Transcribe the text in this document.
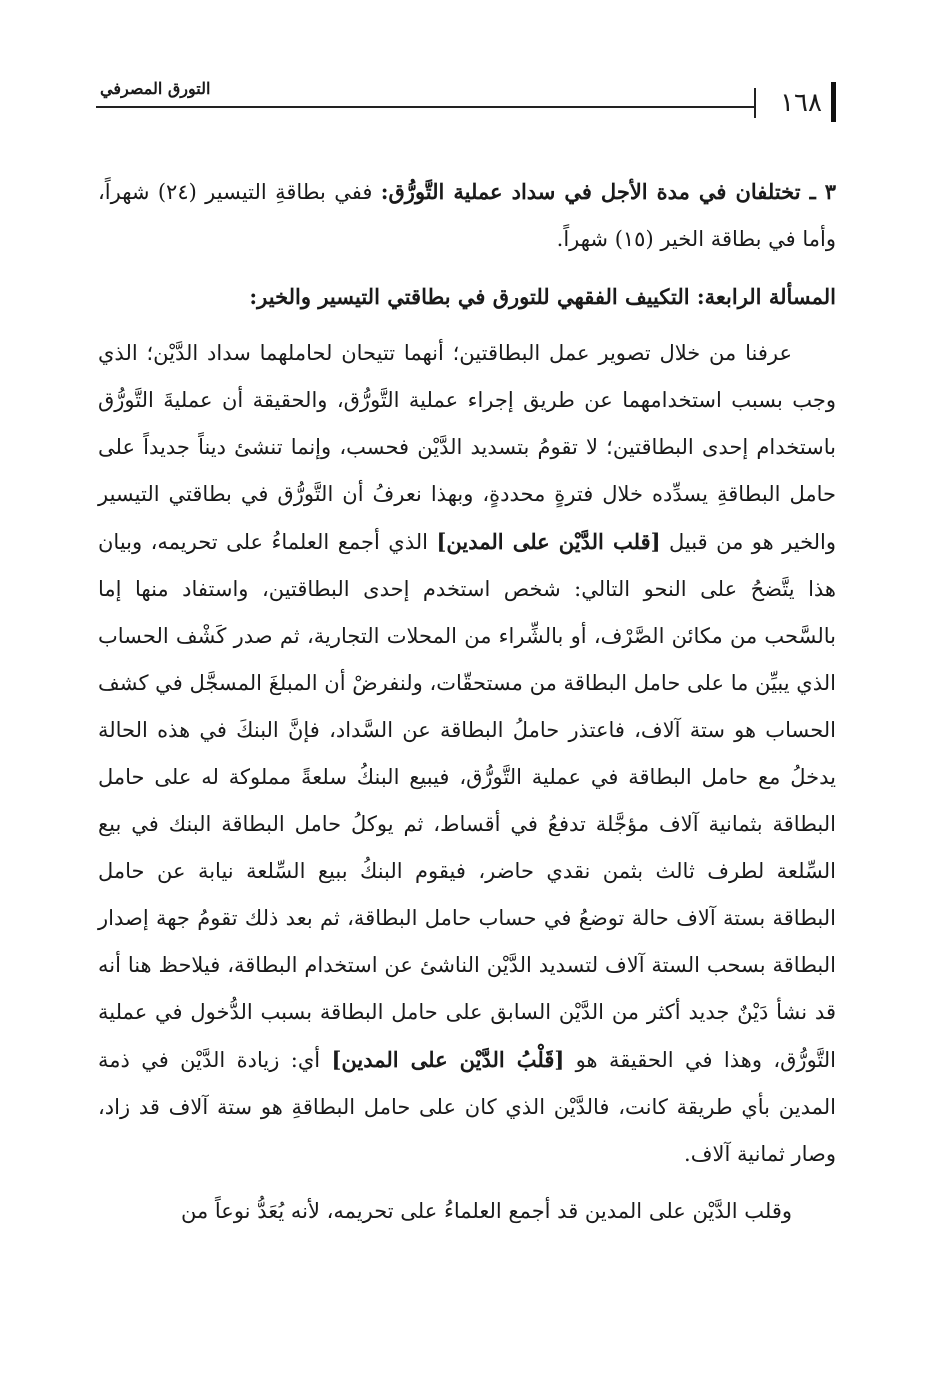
١٦٨
التورق المصرفي

٣ ـ تختلفان في مدة الأجل في سداد عملية التَّورُّق: ففي بطاقةِ التيسير (٢٤) شهراً، وأما في بطاقة الخير (١٥) شهراً.

المسألة الرابعة: التكييف الفقهي للتورق في بطاقتي التيسير والخير:

عرفنا من خلال تصوير عمل البطاقتين؛ أنهما تتيحان لحاملهما سداد الدَّيْن؛ الذي وجب بسبب استخدامهما عن طريق إجراء عملية التَّورُّق، والحقيقة أن عمليةَ التَّورُّق باستخدام إحدى البطاقتين؛ لا تقومُ بتسديد الدَّيْن فحسب، وإنما تنشئ ديناً جديداً على حامل البطاقةِ يسدِّده خلال فترةٍ محددةٍ، وبهذا نعرفُ أن التَّورُّق في بطاقتي التيسير والخير هو من قبيل [قلب الدَّيْن على المدين] الذي أجمع العلماءُ على تحريمه، وبيان هذا يتَّضحُ على النحو التالي: شخص استخدم إحدى البطاقتين، واستفاد منها إما بالسَّحب من مكائن الصَّرْف، أو بالشِّراء من المحلات التجارية، ثم صدر كَشْف الحساب الذي يبيِّن ما على حامل البطاقة من مستحقّات، ولنفرضْ أن المبلغَ المسجَّل في كشف الحساب هو ستة آلاف، فاعتذر حاملُ البطاقة عن السَّداد، فإنَّ البنكَ في هذه الحالة يدخلُ مع حامل البطاقة في عملية التَّورُّق، فيبيع البنكُ سلعةً مملوكة له على حامل البطاقة بثمانية آلاف مؤجَّلة تدفعُ في أقساط، ثم يوكلُ حامل البطاقة البنك في بيع السِّلعة لطرف ثالث بثمن نقدي حاضر، فيقوم البنكُ ببيع السِّلعة نيابة عن حامل البطاقة بستة آلاف حالة توضعُ في حساب حامل البطاقة، ثم بعد ذلك تقومُ جهة إصدار البطاقة بسحب الستة آلاف لتسديد الدَّيْن الناشئ عن استخدام البطاقة، فيلاحظ هنا أنه قد نشأ دَيْنٌ جديد أكثر من الدَّيْن السابق على حامل البطاقة بسبب الدُّخول في عملية التَّورُّق، وهذا في الحقيقة هو [قَلْبُ الدَّيْن على المدين] أي: زيادة الدَّيْن في ذمة المدين بأي طريقة كانت، فالدَّيْن الذي كان على حامل البطاقةِ هو ستة آلاف قد زاد، وصار ثمانية آلاف.

وقلب الدَّيْن على المدين قد أجمع العلماءُ على تحريمه، لأنه يُعَدُّ نوعاً من
